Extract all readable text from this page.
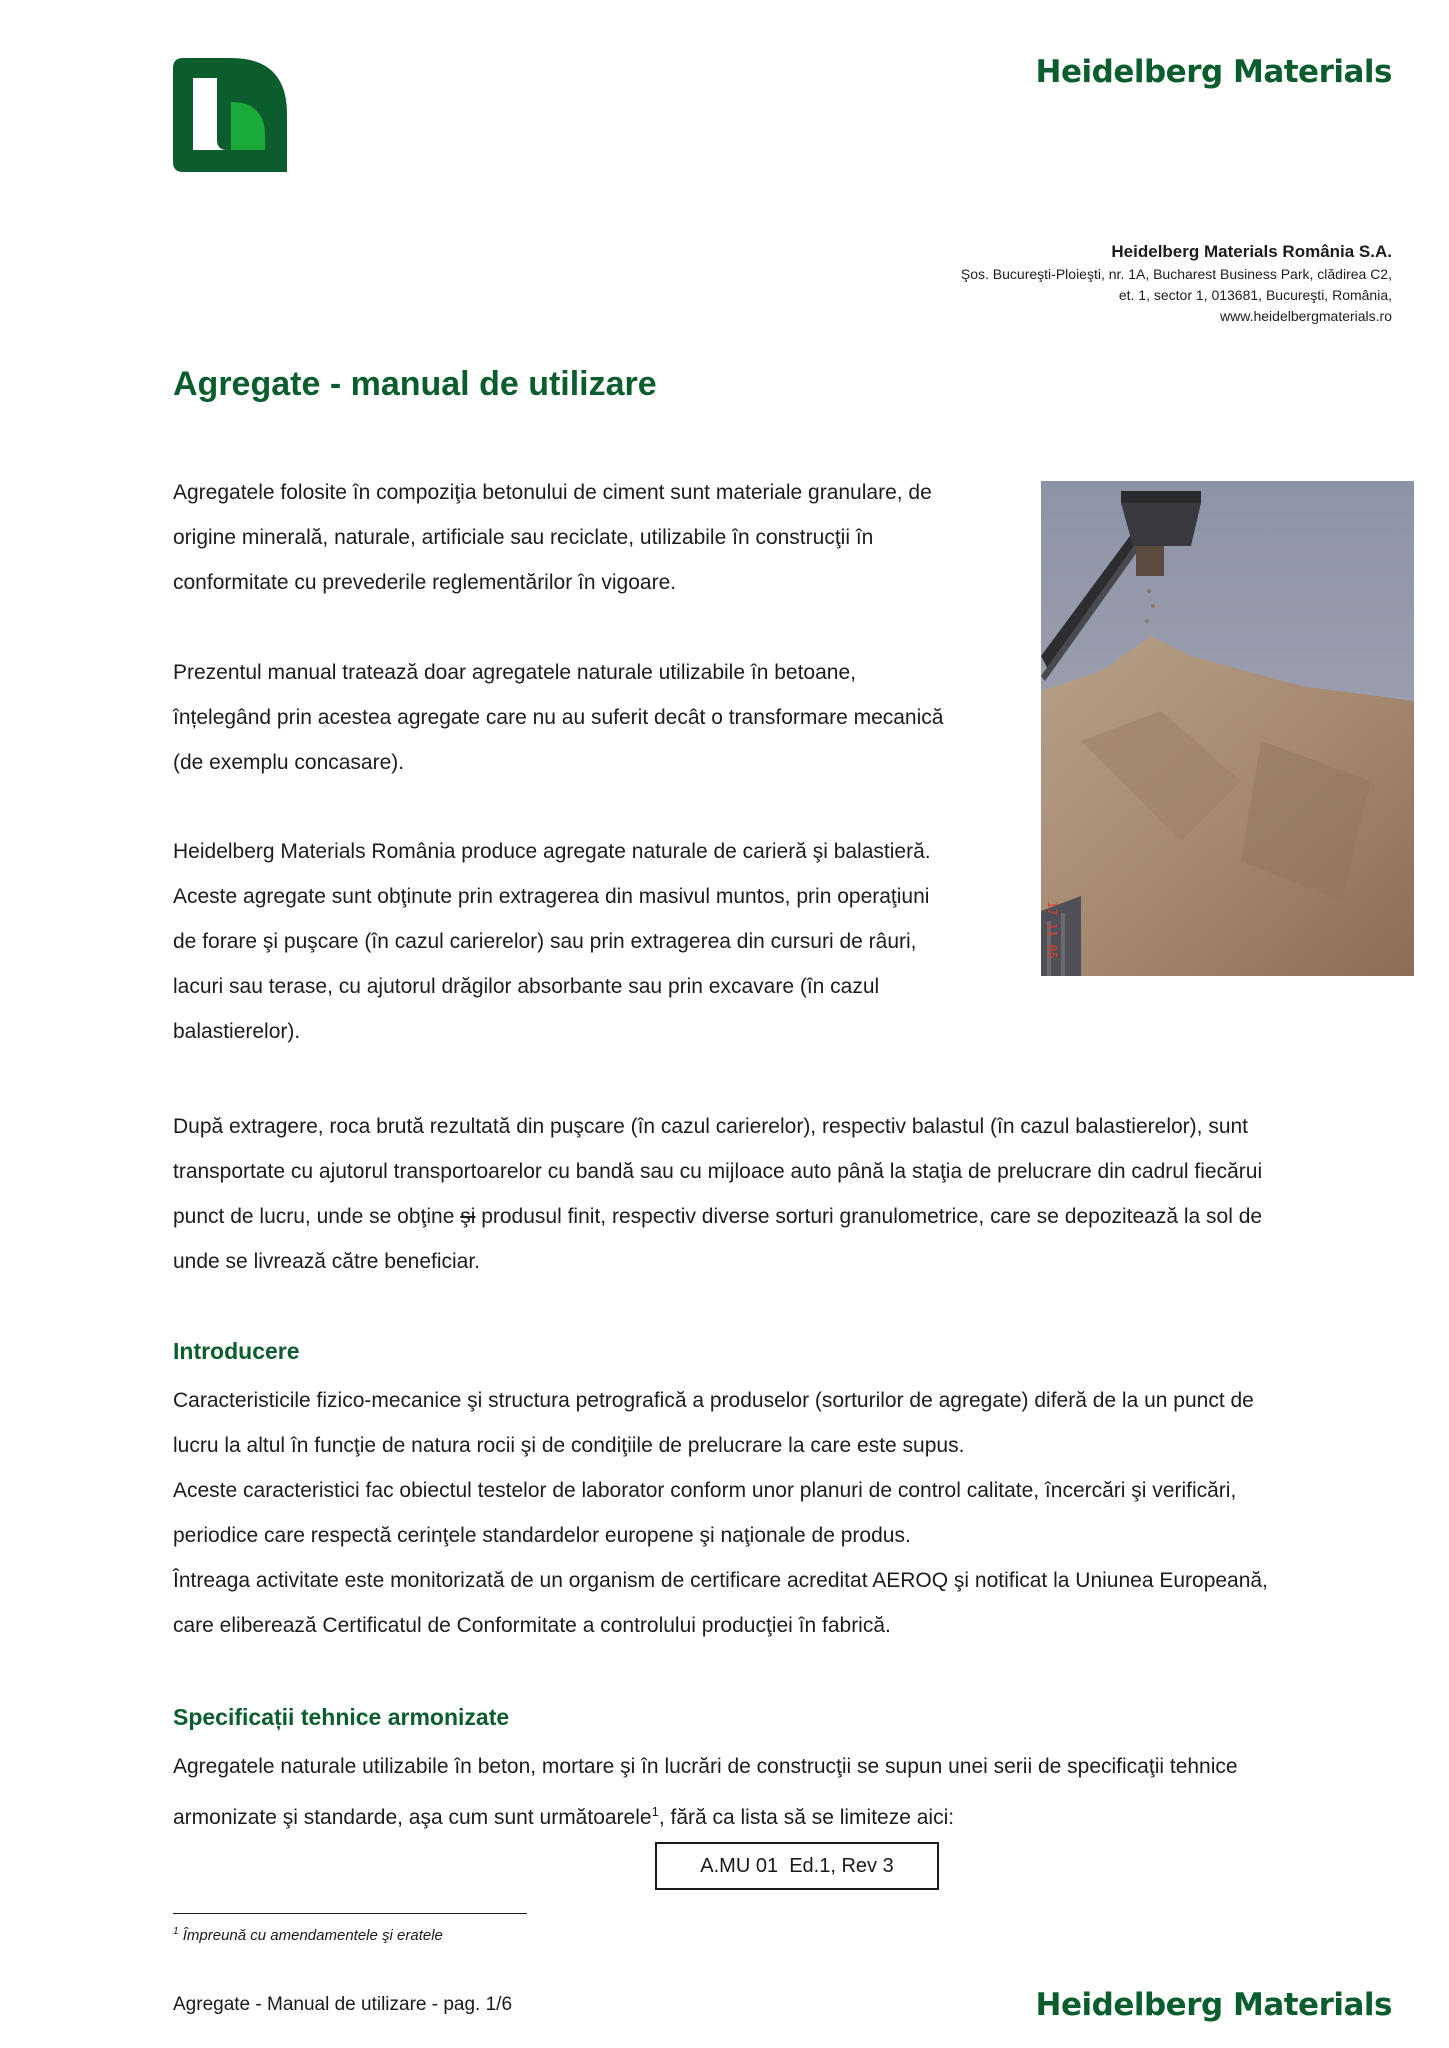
Heidelberg Materials
Heidelberg Materials România S.A.
Şos. Bucureşti-Ploieşti, nr. 1A, Bucharest Business Park, clădirea C2,
et. 1, sector 1, 013681, Bucureşti, România,
www.heidelbergmaterials.ro
Agregate - manual de utilizare
Agregatele folosite în compoziţia betonului de ciment sunt materiale granulare, de
origine minerală, naturale, artificiale sau reciclate, utilizabile în construcţii în
conformitate cu prevederile reglementărilor în vigoare.
Prezentul manual tratează doar agregatele naturale utilizabile în betoane,
înțelegând prin acestea agregate care nu au suferit decât o transformare mecanică
(de exemplu concasare).
Heidelberg Materials România produce agregate naturale de carieră şi balastieră.
Aceste agregate sunt obţinute prin extragerea din masivul muntos, prin operaţiuni
de forare şi puşcare (în cazul carierelor) sau prin extragerea din cursuri de râuri,
lacuri sau terase, cu ajutorul drăgilor absorbante sau prin excavare (în cazul
balastierelor).
17 11 05
După extragere, roca brută rezultată din puşcare (în cazul carierelor), respectiv balastul (în cazul balastierelor), sunt
transportate cu ajutorul transportoarelor cu bandă sau cu mijloace auto până la staţia de prelucrare din cadrul fiecărui
punct de lucru, unde se obţine şi produsul finit, respectiv diverse sorturi granulometrice, care se depozitează la sol de
unde se livrează către beneficiar.
Introducere
Caracteristicile fizico-mecanice şi structura petrografică a produselor (sorturilor de agregate) diferă de la un punct de
lucru la altul în funcţie de natura rocii şi de condiţiile de prelucrare la care este supus.
Aceste caracteristici fac obiectul testelor de laborator conform unor planuri de control calitate, încercări şi verificări,
periodice care respectă cerinţele standardelor europene şi naţionale de produs.
Întreaga activitate este monitorizată de un organism de certificare acreditat AEROQ şi notificat la Uniunea Europeană,
care eliberează Certificatul de Conformitate a controlului producţiei în fabrică.
Specificații tehnice armonizate
Agregatele naturale utilizabile în beton, mortare şi în lucrări de construcţii se supun unei serii de specificaţii tehnice
armonizate şi standarde, aşa cum sunt următoarele$^1$, fără ca lista să se limiteze aici:
A.MU 01  Ed.1, Rev 3
$^1$ Împreună cu amendamentele şi eratele
Agregate - Manual de utilizare - pag. 1/6	Heidelberg Materials
